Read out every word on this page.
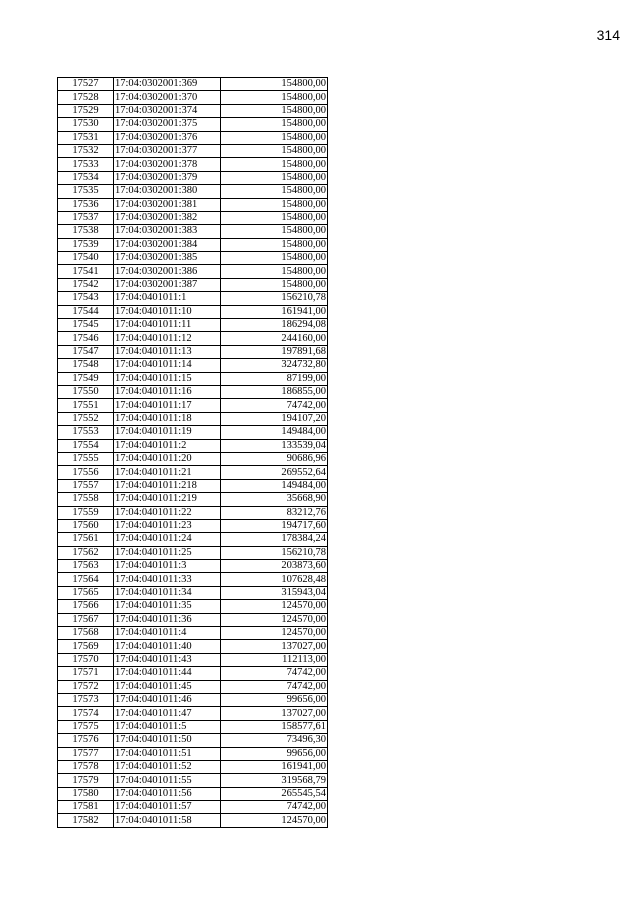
314
17527	17:04:0302001:369	154800,00
17528	17:04:0302001:370	154800,00
17529	17:04:0302001:374	154800,00
17530	17:04:0302001:375	154800,00
17531	17:04:0302001:376	154800,00
17532	17:04:0302001:377	154800,00
17533	17:04:0302001:378	154800,00
17534	17:04:0302001:379	154800,00
17535	17:04:0302001:380	154800,00
17536	17:04:0302001:381	154800,00
17537	17:04:0302001:382	154800,00
17538	17:04:0302001:383	154800,00
17539	17:04:0302001:384	154800,00
17540	17:04:0302001:385	154800,00
17541	17:04:0302001:386	154800,00
17542	17:04:0302001:387	154800,00
17543	17:04:0401011:1	156210,78
17544	17:04:0401011:10	161941,00
17545	17:04:0401011:11	186294,08
17546	17:04:0401011:12	244160,00
17547	17:04:0401011:13	197891,68
17548	17:04:0401011:14	324732,80
17549	17:04:0401011:15	87199,00
17550	17:04:0401011:16	186855,00
17551	17:04:0401011:17	74742,00
17552	17:04:0401011:18	194107,20
17553	17:04:0401011:19	149484,00
17554	17:04:0401011:2	133539,04
17555	17:04:0401011:20	90686,96
17556	17:04:0401011:21	269552,64
17557	17:04:0401011:218	149484,00
17558	17:04:0401011:219	35668,90
17559	17:04:0401011:22	83212,76
17560	17:04:0401011:23	194717,60
17561	17:04:0401011:24	178384,24
17562	17:04:0401011:25	156210,78
17563	17:04:0401011:3	203873,60
17564	17:04:0401011:33	107628,48
17565	17:04:0401011:34	315943,04
17566	17:04:0401011:35	124570,00
17567	17:04:0401011:36	124570,00
17568	17:04:0401011:4	124570,00
17569	17:04:0401011:40	137027,00
17570	17:04:0401011:43	112113,00
17571	17:04:0401011:44	74742,00
17572	17:04:0401011:45	74742,00
17573	17:04:0401011:46	99656,00
17574	17:04:0401011:47	137027,00
17575	17:04:0401011:5	158577,61
17576	17:04:0401011:50	73496,30
17577	17:04:0401011:51	99656,00
17578	17:04:0401011:52	161941,00
17579	17:04:0401011:55	319568,79
17580	17:04:0401011:56	265545,54
17581	17:04:0401011:57	74742,00
17582	17:04:0401011:58	124570,00
